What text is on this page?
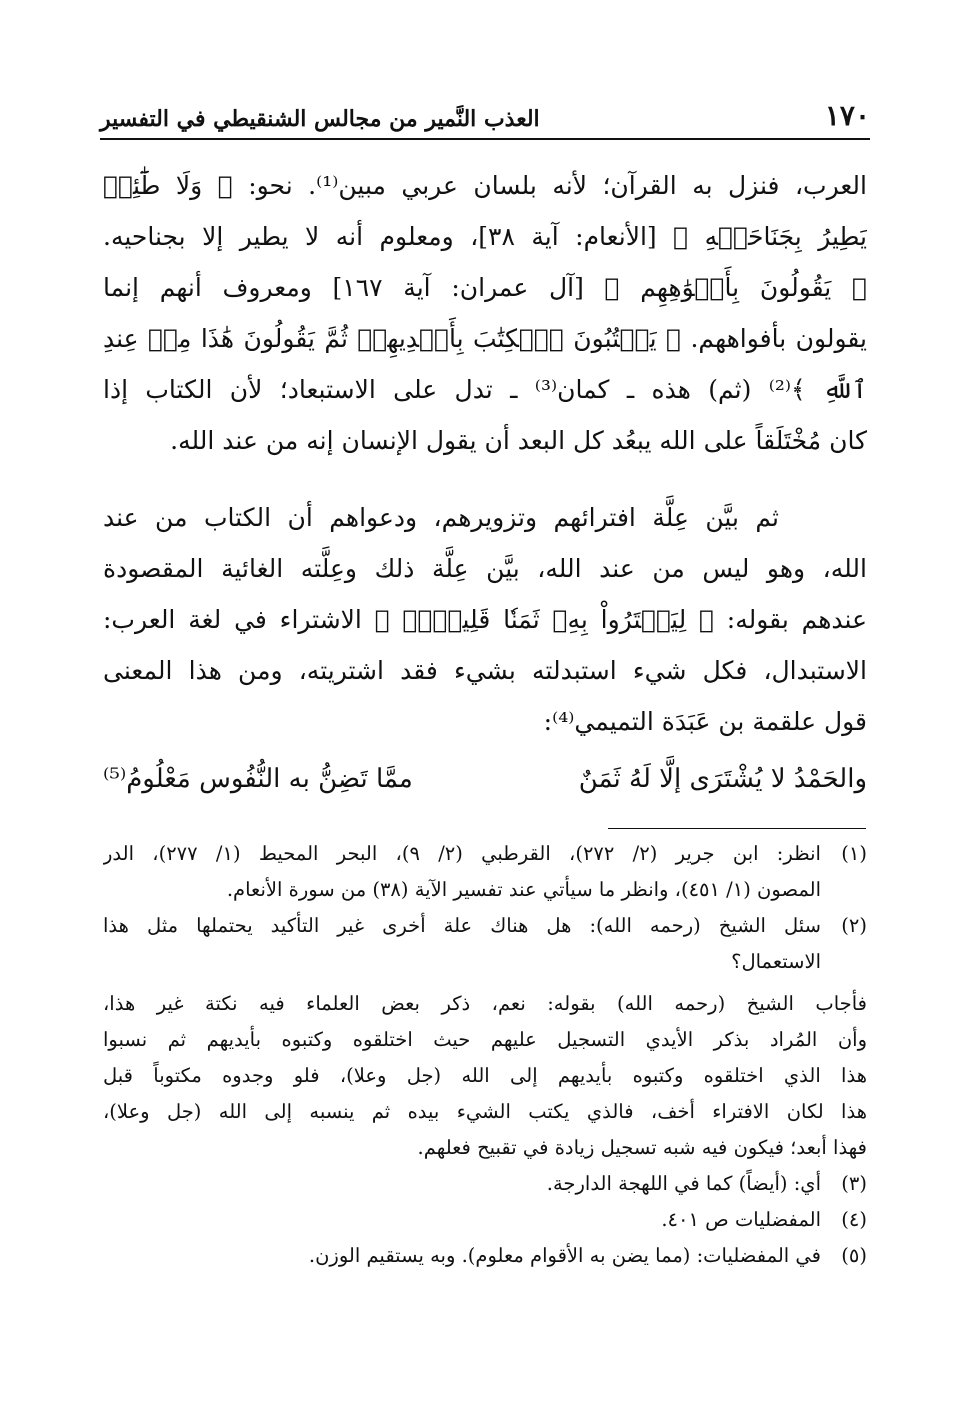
١٧٠
العذب النَّمير من مجالس الشنقيطي في التفسير
العرب، فنزل به القرآن؛ لأنه بلسان عربي مبين⁽¹⁾. نحو: ﴿ وَلَا طَٰٓئِرٖ
يَطِيرُ بِجَنَاحَيۡهِ ﴾ [الأنعام: آية ٣٨]، ومعلوم أنه لا يطير إلا بجناحيه.
﴿ يَقُولُونَ بِأَفۡوَٰهِهِم ﴾ [آل عمران: آية ١٦٧] ومعروف أنهم إنما
يقولون بأفواههم. ﴿ يَكۡتُبُونَ ٱلۡكِتَٰبَ بِأَيۡدِيهِمۡ ثُمَّ يَقُولُونَ هَٰذَا مِنۡ عِندِ
ٱللَّهِ ﴾⁽²⁾ (ثم) هذه ـ كمان⁽³⁾ ـ تدل على الاستبعاد؛ لأن الكتاب إذا
كان مُخْتَلَقاً على الله يبعُد كل البعد أن يقول الإنسان إنه من عند الله.
ثم بيَّن عِلَّة افترائهم وتزويرهم، ودعواهم أن الكتاب من عند
الله، وهو ليس من عند الله، بيَّن عِلَّة ذلك وعِلَّته الغائية المقصودة
عندهم بقوله: ﴿ لِيَشۡتَرُواْ بِهِۦ ثَمَنٗا قَلِيلٗاۖ ﴾ الاشتراء في لغة العرب:
الاستبدال، فكل شيء استبدلته بشيء فقد اشتريته، ومن هذا المعنى
قول علقمة بن عَبَدَة التميمي⁽⁴⁾:
والحَمْدُ لا يُشْتَرَى إلَّا لَهُ ثَمَنٌ
ممَّا تَضِنُّ به النُّفُوس مَعْلُومُ⁽⁵⁾
(١)
انظر: ابن جرير (٢/ ٢٧٢)، القرطبي (٢/ ٩)، البحر المحيط (١/ ٢٧٧)، الدر
المصون (١/ ٤٥١)، وانظر ما سيأتي عند تفسير الآية (٣٨) من سورة الأنعام.
(٢)
سئل الشيخ (رحمه الله): هل هناك علة أخرى غير التأكيد يحتملها مثل هذا
الاستعمال؟
فأجاب الشيخ (رحمه الله) بقوله: نعم، ذكر بعض العلماء فيه نكتة غير هذا،
وأن المُراد بذكر الأيدي التسجيل عليهم حيث اختلقوه وكتبوه بأيديهم ثم نسبوا
هذا الذي اختلقوه وكتبوه بأيديهم إلى الله (جل وعلا)، فلو وجدوه مكتوباً قبل
هذا لكان الافتراء أخف، فالذي يكتب الشيء بيده ثم ينسبه إلى الله (جل وعلا)،
فهذا أبعد؛ فيكون فيه شبه تسجيل زيادة في تقبيح فعلهم.
(٣)
أي: (أيضاً) كما في اللهجة الدارجة.
(٤)
المفضليات ص ٤٠١.
(٥)
في المفضليات: (مما يضن به الأقوام معلوم). وبه يستقيم الوزن.
